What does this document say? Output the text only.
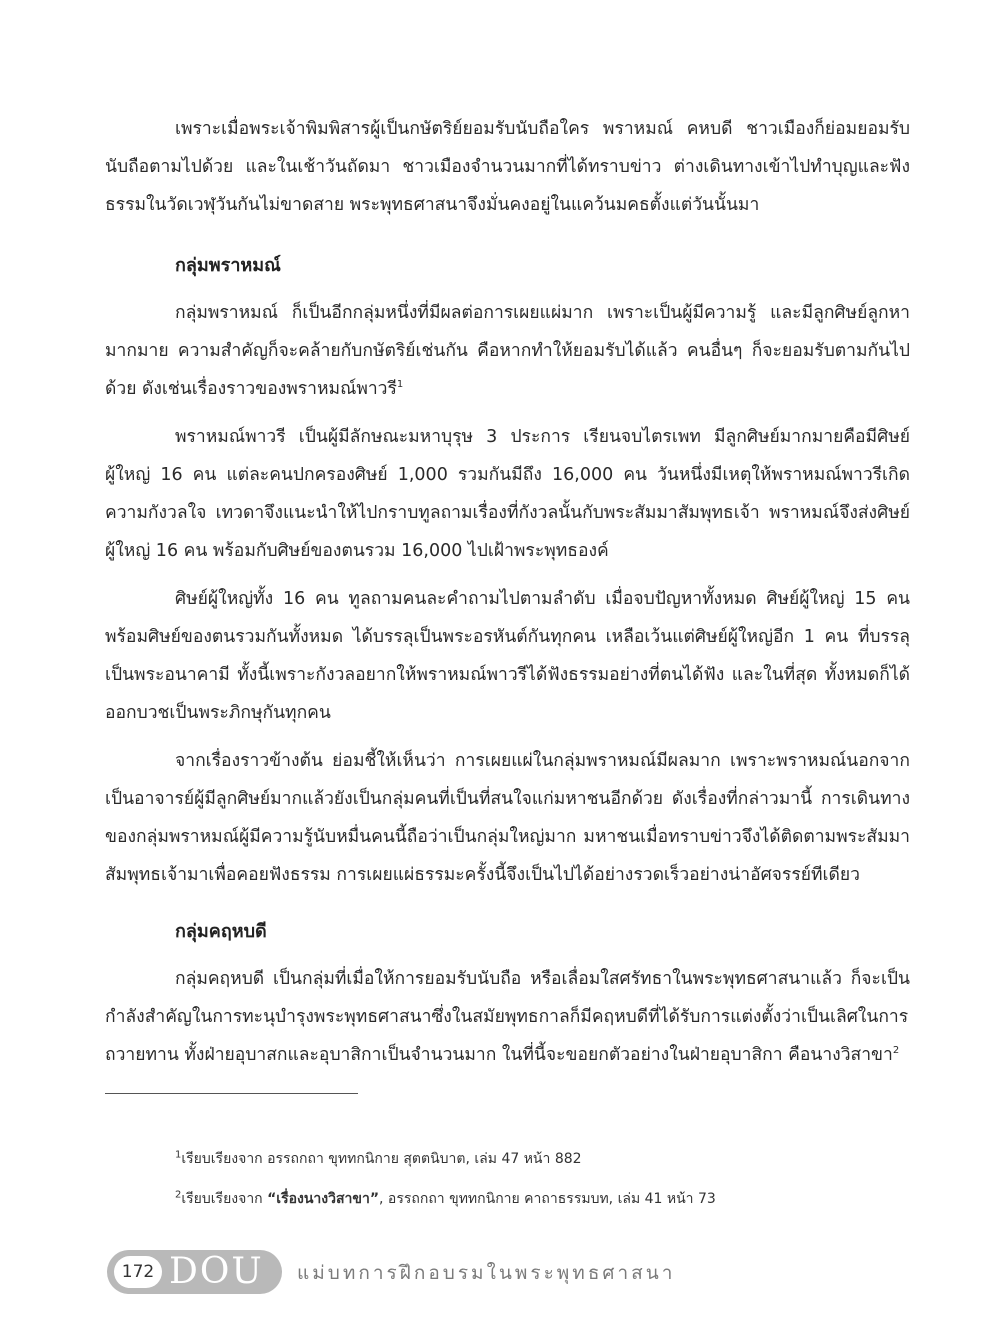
เพราะเมื่อพระเจ้าพิมพิสารผู้เป็นกษัตริย์ยอมรับนับถือใคร พราหมณ์ คหบดี ชาวเมืองก็ย่อมยอมรับนับถือตามไปด้วย และในเช้าวันถัดมา ชาวเมืองจำนวนมากที่ได้ทราบข่าว ต่างเดินทางเข้าไปทำบุญและฟังธรรมในวัดเวฬุวันกันไม่ขาดสาย พระพุทธศาสนาจึงมั่นคงอยู่ในแคว้นมคธตั้งแต่วันนั้นมา

กลุ่มพราหมณ์

กลุ่มพราหมณ์ ก็เป็นอีกกลุ่มหนึ่งที่มีผลต่อการเผยแผ่มาก เพราะเป็นผู้มีความรู้ และมีลูกศิษย์ลูกหามากมาย ความสำคัญก็จะคล้ายกับกษัตริย์เช่นกัน คือหากทำให้ยอมรับได้แล้ว คนอื่นๆ ก็จะยอมรับตามกันไปด้วย ดังเช่นเรื่องราวของพราหมณ์พาวรี$^1$

พราหมณ์พาวรี เป็นผู้มีลักษณะมหาบุรุษ 3 ประการ เรียนจบไตรเพท มีลูกศิษย์มากมายคือมีศิษย์ผู้ใหญ่ 16 คน แต่ละคนปกครองศิษย์ 1,000 รวมกันมีถึง 16,000 คน วันหนึ่งมีเหตุให้พราหมณ์พาวรีเกิดความกังวลใจ เทวดาจึงแนะนำให้ไปกราบทูลถามเรื่องที่กังวลนั้นกับพระสัมมาสัมพุทธเจ้า พราหมณ์จึงส่งศิษย์ผู้ใหญ่ 16 คน พร้อมกับศิษย์ของตนรวม 16,000 ไปเฝ้าพระพุทธองค์

ศิษย์ผู้ใหญ่ทั้ง 16 คน ทูลถามคนละคำถามไปตามลำดับ เมื่อจบปัญหาทั้งหมด ศิษย์ผู้ใหญ่ 15 คน พร้อมศิษย์ของตนรวมกันทั้งหมด ได้บรรลุเป็นพระอรหันต์กันทุกคน เหลือเว้นแต่ศิษย์ผู้ใหญ่อีก 1 คน ที่บรรลุเป็นพระอนาคามี ทั้งนี้เพราะกังวลอยากให้พราหมณ์พาวรีได้ฟังธรรมอย่างที่ตนได้ฟัง และในที่สุด ทั้งหมดก็ได้ออกบวชเป็นพระภิกษุกันทุกคน

จากเรื่องราวข้างต้น ย่อมชี้ให้เห็นว่า การเผยแผ่ในกลุ่มพราหมณ์มีผลมาก เพราะพราหมณ์นอกจากเป็นอาจารย์ผู้มีลูกศิษย์มากแล้วยังเป็นกลุ่มคนที่เป็นที่สนใจแก่มหาชนอีกด้วย ดังเรื่องที่กล่าวมานี้ การเดินทางของกลุ่มพราหมณ์ผู้มีความรู้นับหมื่นคนนี้ถือว่าเป็นกลุ่มใหญ่มาก มหาชนเมื่อทราบข่าวจึงได้ติดตามพระสัมมาสัมพุทธเจ้ามาเพื่อคอยฟังธรรม การเผยแผ่ธรรมะครั้งนี้จึงเป็นไปได้อย่างรวดเร็วอย่างน่าอัศจรรย์ทีเดียว

กลุ่มคฤหบดี

กลุ่มคฤหบดี เป็นกลุ่มที่เมื่อให้การยอมรับนับถือ หรือเลื่อมใสศรัทธาในพระพุทธศาสนาแล้ว ก็จะเป็นกำลังสำคัญในการทะนุบำรุงพระพุทธศาสนาซึ่งในสมัยพุทธกาลก็มีคฤหบดีที่ได้รับการแต่งตั้งว่าเป็นเลิศในการถวายทาน ทั้งฝ่ายอุบาสกและอุบาสิกาเป็นจำนวนมาก ในที่นี้จะขอยกตัวอย่างในฝ่ายอุบาสิกา คือนางวิสาขา$^2$

$^1$เรียบเรียงจาก อรรถกถา ขุททกนิกาย สุตตนิบาต, เล่ม 47 หน้า 882
$^2$เรียบเรียงจาก “เรื่องนางวิสาขา”, อรรถกถา ขุททกนิกาย คาถาธรรมบท, เล่ม 41 หน้า 73
172 DOU แม่บทการฝึกอบรมในพระพุทธศาสนา
